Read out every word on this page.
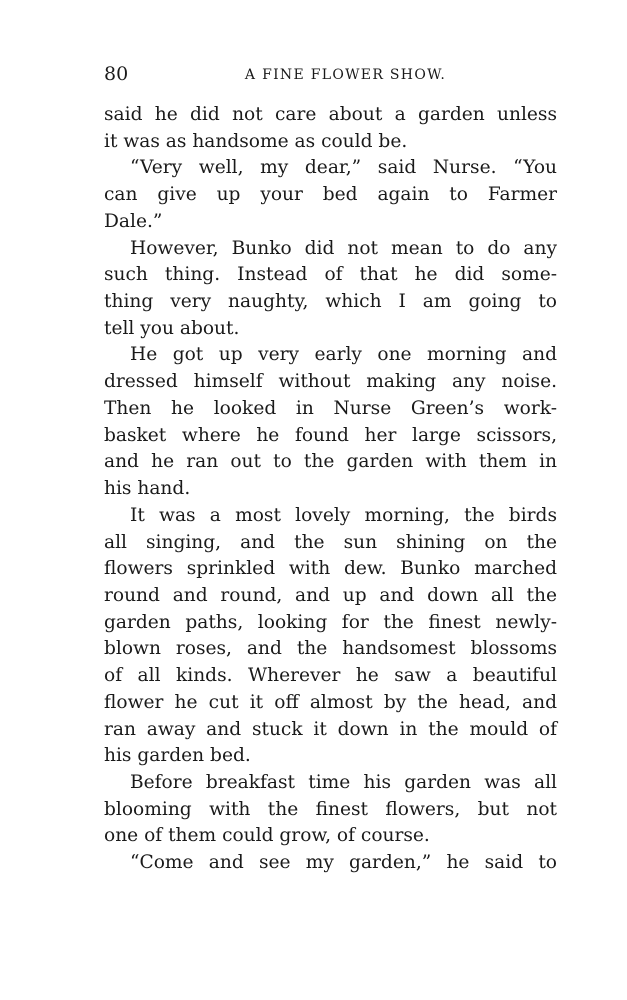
80	A FINE FLOWER SHOW.
said he did not care about a garden unless
it was as handsome as could be.
“Very well, my dear,” said Nurse. “You
can give up your bed again to Farmer
Dale.”
However, Bunko did not mean to do any
such thing. Instead of that he did some-
thing very naughty, which I am going to
tell you about.
He got up very early one morning and
dressed himself without making any noise.
Then he looked in Nurse Green’s work-
basket where he found her large scissors,
and he ran out to the garden with them in
his hand.
It was a most lovely morning, the birds
all singing, and the sun shining on the
flowers sprinkled with dew. Bunko marched
round and round, and up and down all the
garden paths, looking for the finest newly-
blown roses, and the handsomest blossoms
of all kinds. Wherever he saw a beautiful
flower he cut it off almost by the head, and
ran away and stuck it down in the mould of
his garden bed.
Before breakfast time his garden was all
blooming with the finest flowers, but not
one of them could grow, of course.
“Come and see my garden,” he said to
